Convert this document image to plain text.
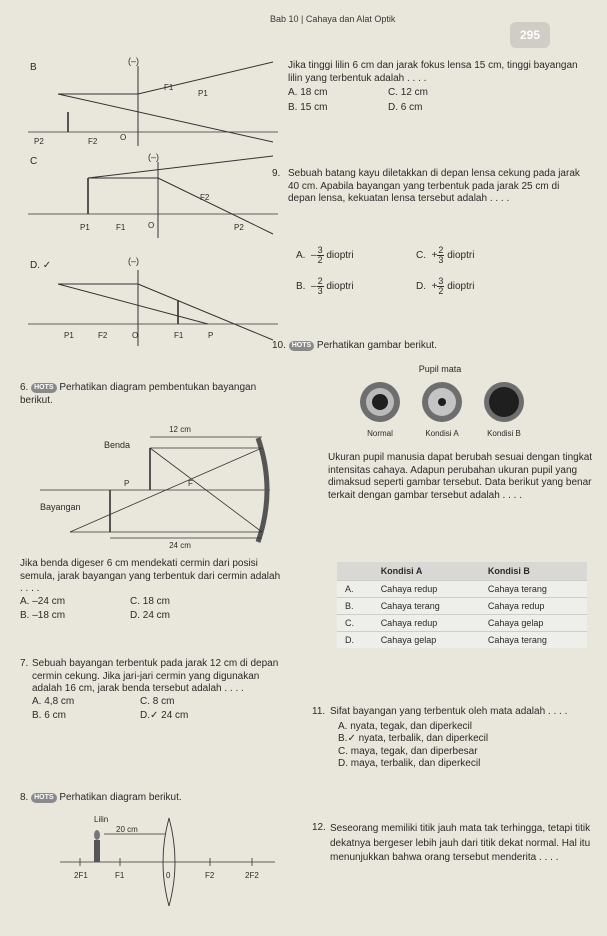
Bab 10 | Cahaya dan Alat Optik
295
B
(–)
F1
P1
P2	F2	O
C	(–)
F2
P1	F1	O	P2
D. ✓	(–)
P1	F2	O	F1	P
Jika tinggi lilin 6 cm dan jarak fokus lensa 15 cm, tinggi bayangan lilin yang terbentuk adalah . . . .
A. 18 cm	C. 12 cm
B. 15 cm	D. 6 cm
9. Sebuah batang kayu diletakkan di depan lensa cekung pada jarak 40 cm. Apabila bayangan yang terbentuk pada jarak 25 cm di depan lensa, kekuatan lensa tersebut adalah . . . .
A. – $\frac{3}{2}$ dioptri	C. + $\frac{2}{3}$ dioptri
B. – $\frac{2}{3}$ dioptri	D. + $\frac{3}{2}$ dioptri
10. HOTS Perhatikan gambar berikut.
Pupil mata
Normal	Kondisi A	Kondisi B
Ukuran pupil manusia dapat berubah sesuai dengan tingkat intensitas cahaya. Adapun perubahan ukuran pupil yang dimaksud seperti gambar tersebut. Data berikut yang benar terkait dengan gambar tersebut adalah . . . .
	Kondisi A	Kondisi B
A.	Cahaya redup	Cahaya terang
B.	Cahaya terang	Cahaya redup
C.	Cahaya redup	Cahaya gelap
D.	Cahaya gelap	Cahaya terang
6. HOTS Perhatikan diagram pembentukan bayangan berikut.
12 cm
Benda
P	F
Bayangan
24 cm
Jika benda digeser 6 cm mendekati cermin dari posisi semula, jarak bayangan yang terbentuk dari cermin adalah . . . .
A. –24 cm	C. 18 cm
B. –18 cm	D. 24 cm
7. Sebuah bayangan terbentuk pada jarak 12 cm di depan cermin cekung. Jika jari-jari cermin yang digunakan adalah 16 cm, jarak benda tersebut adalah . . . .
A. 4,8 cm	C. 8 cm
B. 6 cm	D.✓ 24 cm
8. HOTS Perhatikan diagram berikut.
Lilin
20 cm
2F1	F1	0	F2	2F2
11. Sifat bayangan yang terbentuk oleh mata adalah . . . .
A. nyata, tegak, dan diperkecil
B.✓ nyata, terbalik, dan diperkecil
C. maya, tegak, dan diperbesar
D. maya, terbalik, dan diperkecil
12. Seseorang memiliki titik jauh mata tak terhingga, tetapi titik dekatnya bergeser lebih jauh dari titik dekat normal. Hal itu menunjukkan bahwa orang tersebut menderita . . . .
